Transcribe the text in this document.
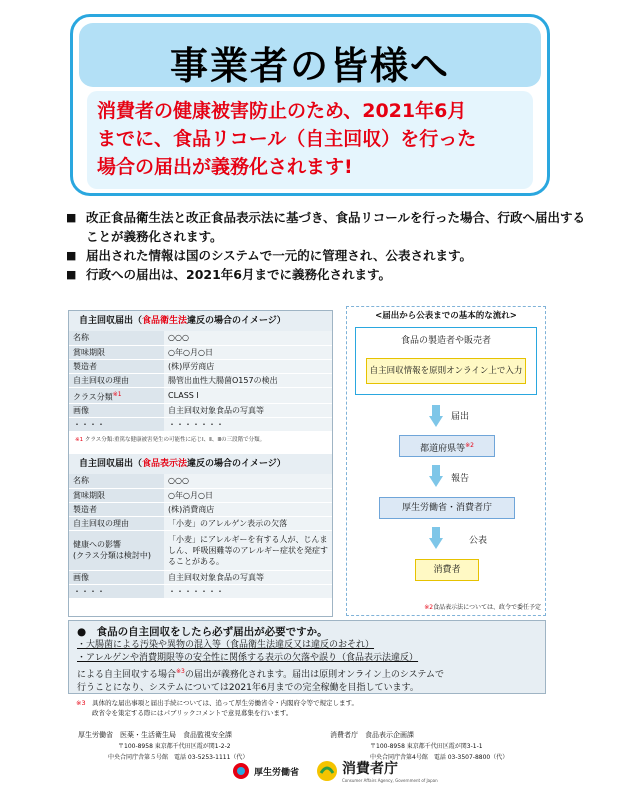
事業者の皆様へ
消費者の健康被害防止のため、2021年6月
までに、食品リコール（自主回収）を行った
場合の届出が義務化されます!
■ 改正食品衛生法と改正食品表示法に基づき、食品リコールを行った場合、行政へ届出することが義務化されます。
■ 届出された情報は国のシステムで一元的に管理され、公表されます。
■ 行政への届出は、2021年6月までに義務化されます。
自主回収届出（食品衛生法違反の場合のイメージ）
名称	○○○
賞味期限	○年○月○日
製造者	(株)厚労商店
自主回収の理由	腸管出血性大腸菌O157の検出
クラス分類$^{※1}$	CLASS Ⅰ
画像	自主回収対象食品の写真等
・・・・	・・・・・・・
※1 クラス分類:重篤な健康被害発生の可能性に応じⅠ、Ⅱ、Ⅲの三段階で分類。
自主回収届出（食品表示法違反の場合のイメージ）
名称	○○○
賞味期限	○年○月○日
製造者	(株)消費商店
自主回収の理由	「小麦」のアレルゲン表示の欠落

健康への影響
(クラス分類は検討中)	「小麦」にアレルギーを有する人が、じんましん、呼吸困難等のアレルギー症状を発症することがある。
画像	自主回収対象食品の写真等
・・・・	・・・・・・・
<届出から公表までの基本的な流れ>
食品の製造者や販売者
自主回収情報を原則オンライン上で入力
届出
都道府県等$^{※2}$
報告
厚生労働省・消費者庁
公表
消費者
※2食品表示法については、政令で委任予定
●　食品の自主回収をしたら必ず届出が必要ですか。
・大腸菌による汚染や異物の混入等（食品衛生法違反又は違反のおそれ）
・アレルゲンや消費期限等の安全性に関係する表示の欠落や誤り（食品表示法違反）
による自主回収する場合$^{※3}$の届出が義務化されます。届出は原則オンライン上のシステムで
行うことになり、システムについては2021年6月までの完全稼働を目指しています。
※3　 具体的な届出事項と届出手続については、追って厚生労働省令・内閣府令等で規定します。
政省令を策定する際にはパブリックコメントで意見募集を行います。
厚生労働省　医薬・生活衛生局　食品監視安全課
〒100-8958 東京都千代田区霞が関1-2-2
中央合同庁舎第５号館　電話 03-5253-1111（代）
消費者庁　食品表示企画課
〒100-8958 東京都千代田区霞が関3-1-1
中央合同庁舎第4号館　電話 03-3507-8800（代）
厚生労働省	消費者庁
Consumer Affairs Agency, Government of Japan
